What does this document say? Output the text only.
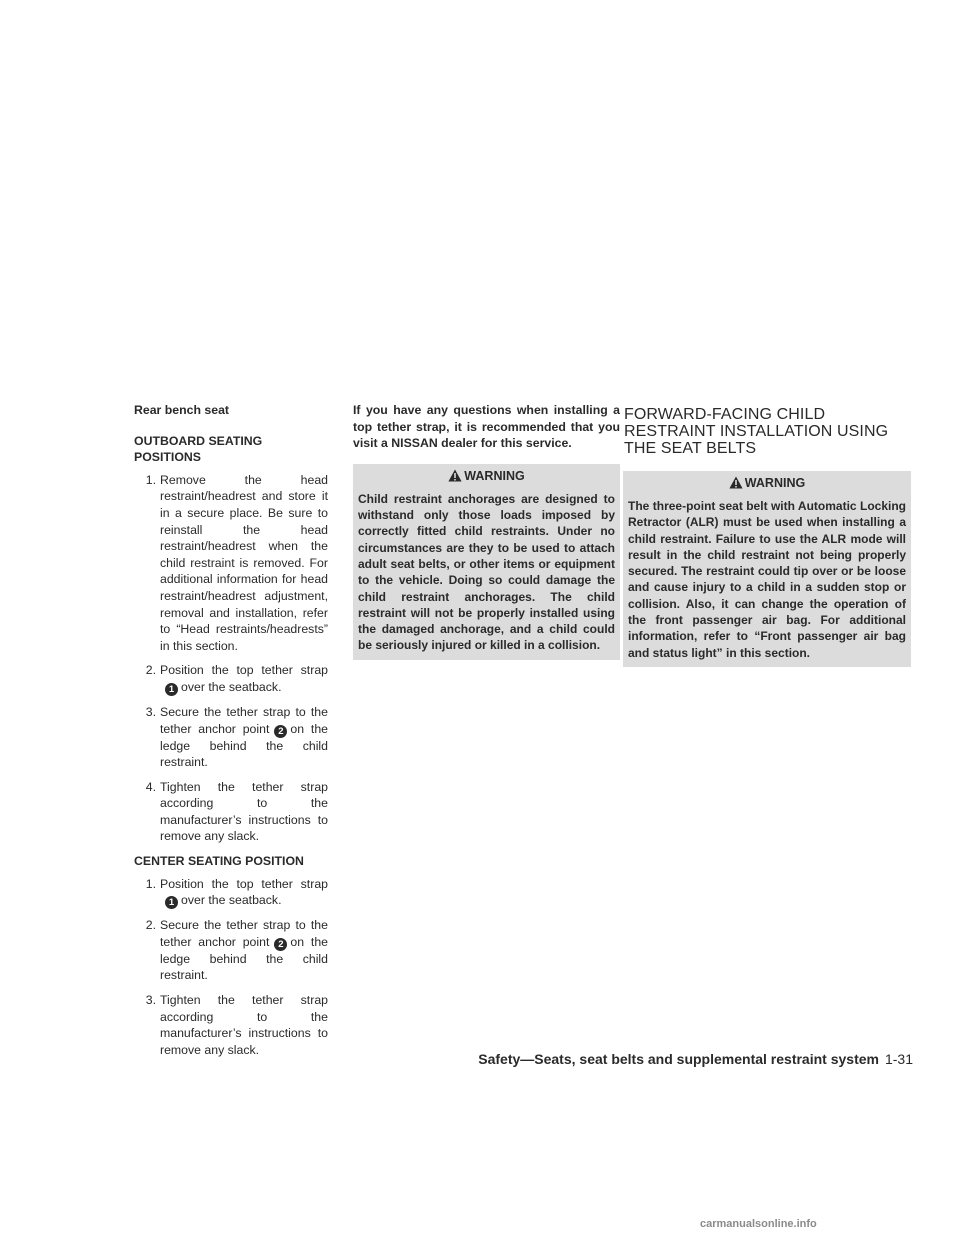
Rear bench seat
OUTBOARD SEATING POSITIONS
1. Remove the head restraint/headrest and store it in a secure place. Be sure to reinstall the head restraint/headrest when the child restraint is removed. For additional information for head restraint/headrest adjustment, removal and installation, refer to “Head restraints/headrests” in this section.
2. Position the top tether strap1 over the seatback.
3. Secure the tether strap to the tether anchor point 2 on the ledge behind the child restraint.
4. Tighten the tether strap according to the manufacturer’s instructions to remove any slack.
CENTER SEATING POSITION
1. Position the top tether strap1 over the seatback.
2. Secure the tether strap to the tether anchor point 2 on the ledge behind the child restraint.
3. Tighten the tether strap according to the manufacturer’s instructions to remove any slack.
If you have any questions when installing a top tether strap, it is recommended that you visit a NISSAN dealer for this service.
WARNING
Child restraint anchorages are designed to withstand only those loads imposed by correctly fitted child restraints. Under no circumstances are they to be used to attach adult seat belts, or other items or equipment to the vehicle. Doing so could damage the child restraint anchorages. The child restraint will not be properly installed using the damaged anchorage, and a child could be seriously injured or killed in a collision.
FORWARD-FACING CHILD RESTRAINT INSTALLATION USING THE SEAT BELTS
WARNING
The three-point seat belt with Automatic Locking Retractor (ALR) must be used when installing a child restraint. Failure to use the ALR mode will result in the child restraint not being properly secured. The restraint could tip over or be loose and cause injury to a child in a sudden stop or collision. Also, it can change the operation of the front passenger air bag. For additional information, refer to “Front passenger air bag and status light” in this section.
Safety—Seats, seat belts and supplemental restraint system 1-31
carmanualsonline.info
